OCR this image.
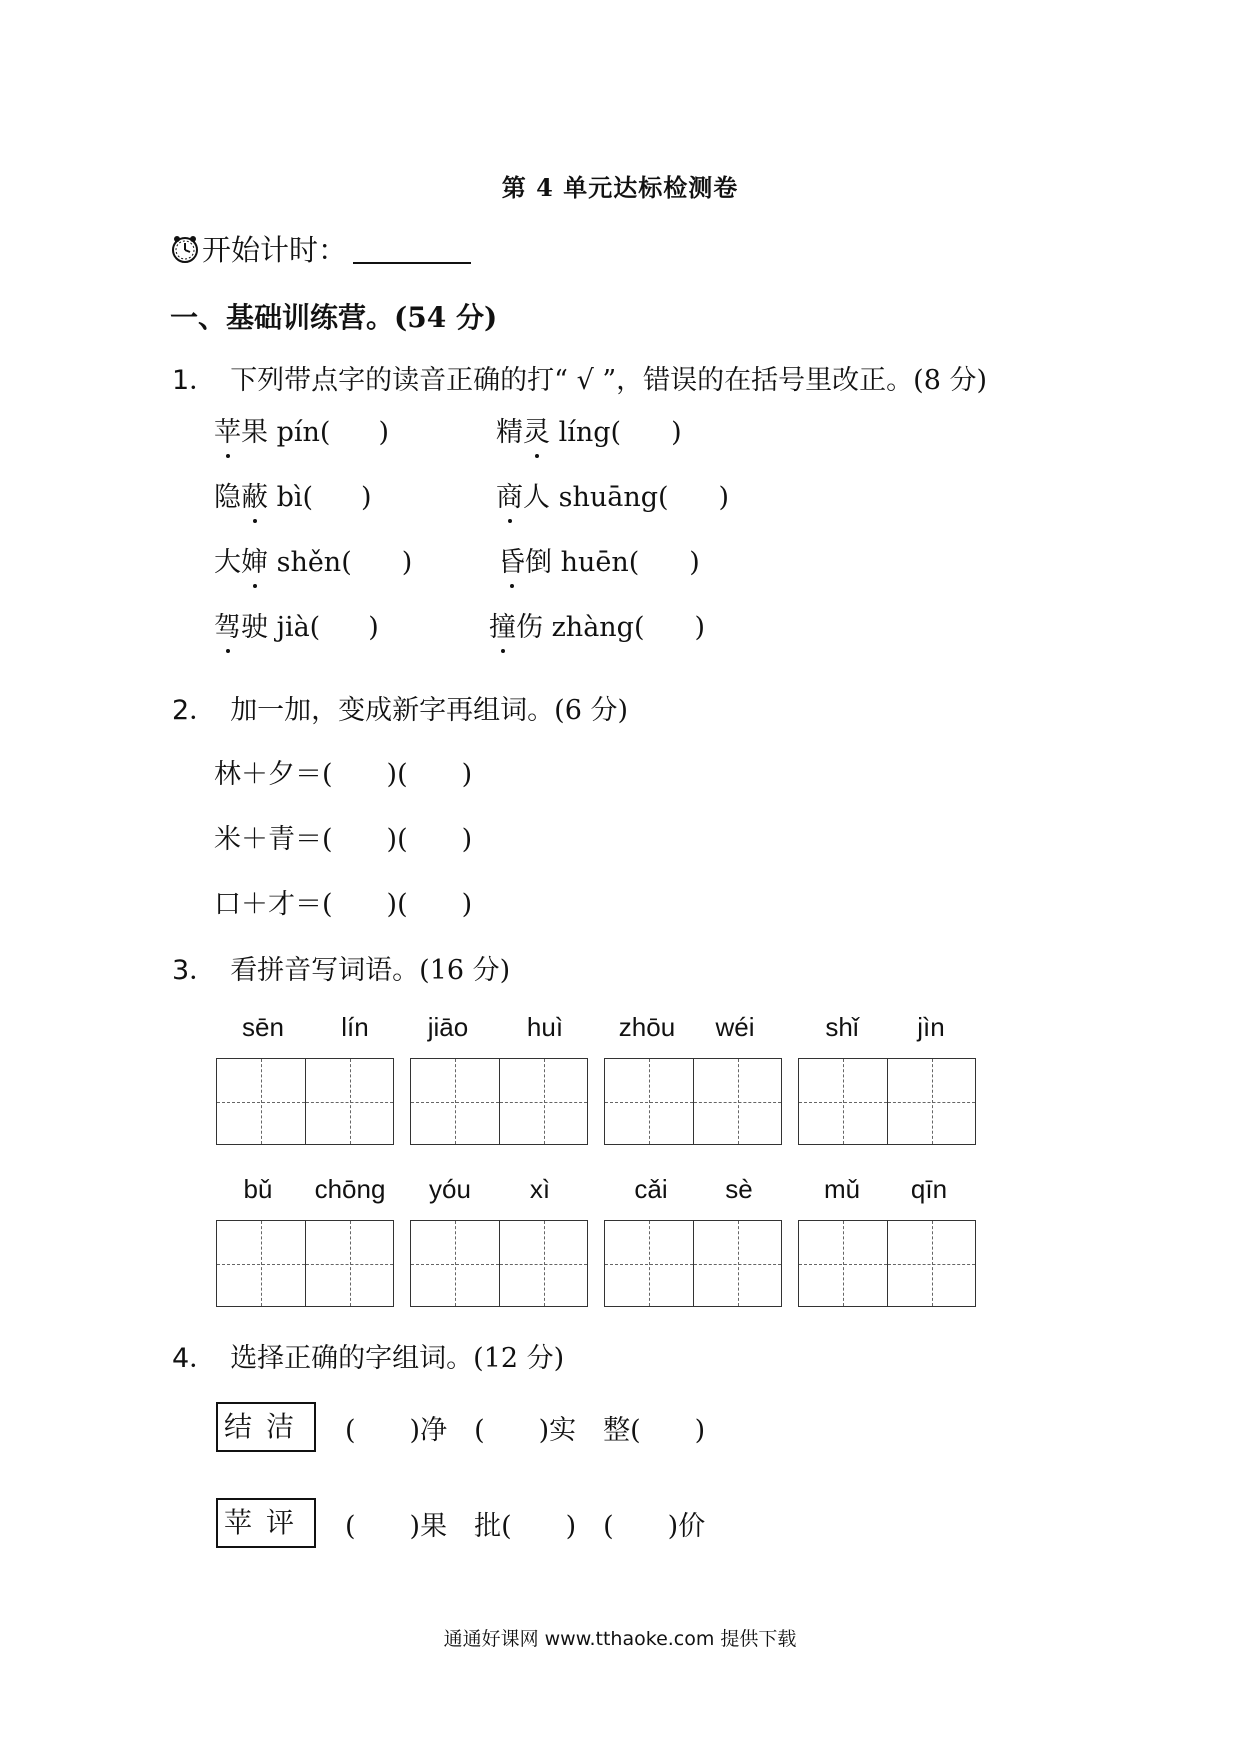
第 4 单元达标检测卷
开始计时：
一、基础训练营。(54 分)
1． 下列带点字的读音正确的打“ √ ”，错误的在括号里改正。(8 分)
苹果 pín( )	精灵 líng( )
隐蔽 bì( )	商人 shuāng( )
大婶 shěn( )	昏倒 huēn( )
驾驶 jià( )	撞伤 zhàng( )
2． 加一加，变成新字再组词。(6 分)
林＋夕＝(　　)(　　)
米＋青＝(　　)(　　)
口＋才＝(　　)(　　)
3． 看拼音写词语。(16 分)
sēn	lín	jiāo	huì	zhōu	wéi	shǐ	jìn
bǔ	chōng	yóu	xì	cǎi	sè	mǔ	qīn
4． 选择正确的字组词。(12 分)
结洁 (　　)净　(　　)实　整(　　)
苹评 (　　)果　批(　　)　(　　)价
通通好课网 www.tthaoke.com 提供下载
